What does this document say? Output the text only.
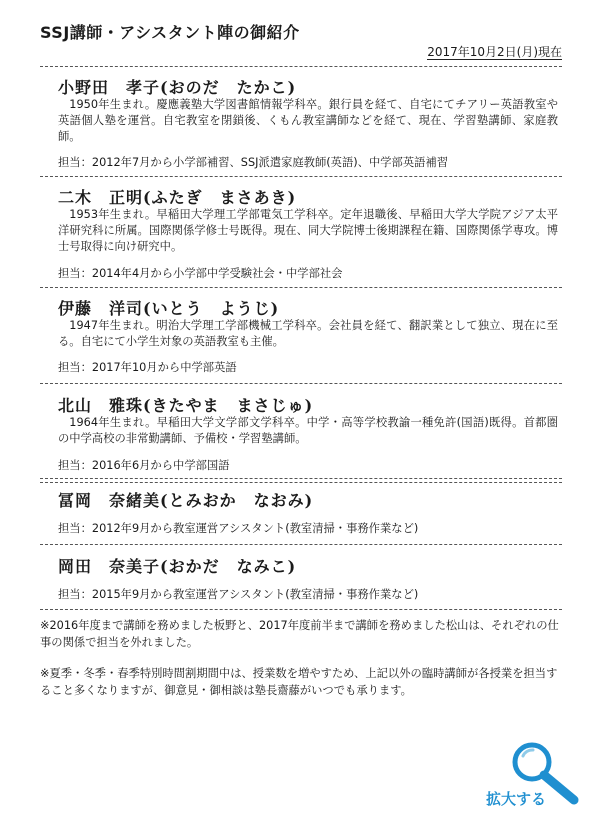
SSJ講師・アシスタント陣の御紹介
2017年10月2日(月)現在
小野田　孝子(おのだ　たかこ)
1950年生まれ。慶應義塾大学図書館情報学科卒。銀行員を経て、自宅にてチアリー英語教室や英語個人塾を運営。自宅教室を閉鎖後、くもん教室講師などを経て、現在、学習塾講師、家庭教師。
担当：2012年7月から小学部補習、SSJ派遣家庭教師(英語)、中学部英語補習
二木　正明(ふたぎ　まさあき)
1953年生まれ。早稲田大学理工学部電気工学科卒。定年退職後、早稲田大学大学院アジア太平洋研究科に所属。国際関係学修士号既得。現在、同大学院博士後期課程在籍、国際関係学専攻。博士号取得に向け研究中。
担当：2014年4月から小学部中学受験社会・中学部社会
伊藤　洋司(いとう　ようじ)
1947年生まれ。明治大学理工学部機械工学科卒。会社員を経て、翻訳業として独立、現在に至る。自宅にて小学生対象の英語教室も主催。
担当：2017年10月から中学部英語
北山　雅珠(きたやま　まさじゅ)
1964年生まれ。早稲田大学文学部文学科卒。中学・高等学校教諭一種免許(国語)既得。首都圏の中学高校の非常勤講師、予備校・学習塾講師。
担当：2016年6月から中学部国語
冨岡　奈緒美(とみおか　なおみ)
担当：2012年9月から教室運営アシスタント(教室清掃・事務作業など)
岡田　奈美子(おかだ　なみこ)
担当：2015年9月から教室運営アシスタント(教室清掃・事務作業など)
※2016年度まで講師を務めました板野と、2017年度前半まで講師を務めました松山は、それぞれの仕事の関係で担当を外れました。
※夏季・冬季・春季特別時間割期間中は、授業数を増やすため、上記以外の臨時講師が各授業を担当すること多くなりますが、御意見・御相談は塾長齋藤がいつでも承ります。
拡大する
